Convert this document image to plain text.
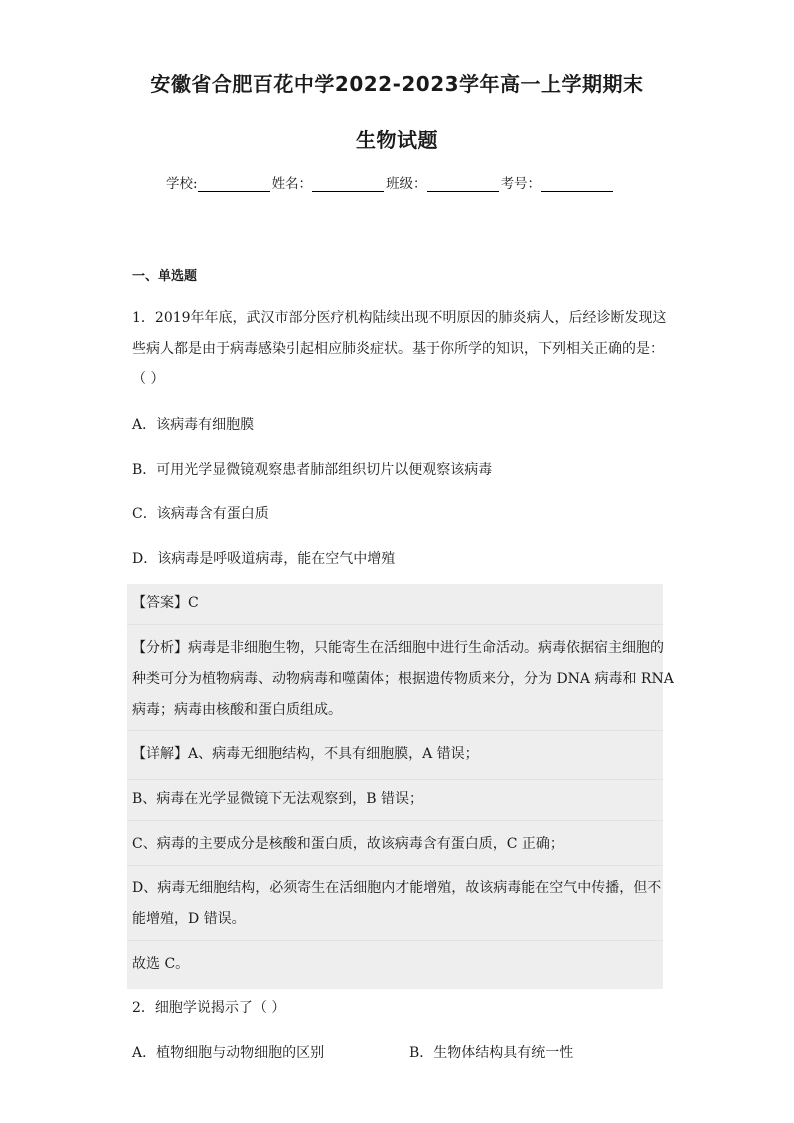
安徽省合肥百花中学2022-2023学年高一上学期期末
生物试题
学校:	姓名：	班级：	考号：
一、单选题
1．2019年年底，武汉市部分医疗机构陆续出现不明原因的肺炎病人，后经诊断发现这
些病人都是由于病毒感染引起相应肺炎症状。基于你所学的知识，下列相关正确的是：
（ ）
A．该病毒有细胞膜
B．可用光学显微镜观察患者肺部组织切片以便观察该病毒
C．该病毒含有蛋白质
D．该病毒是呼吸道病毒，能在空气中增殖
【答案】C
【分析】病毒是非细胞生物，只能寄生在活细胞中进行生命活动。病毒依据宿主细胞的
种类可分为植物病毒、动物病毒和噬菌体；根据遗传物质来分，分为 DNA 病毒和 RNA
病毒；病毒由核酸和蛋白质组成。
【详解】A、病毒无细胞结构，不具有细胞膜，A 错误；
B、病毒在光学显微镜下无法观察到，B 错误；
C、病毒的主要成分是核酸和蛋白质，故该病毒含有蛋白质，C 正确；
D、病毒无细胞结构，必须寄生在活细胞内才能增殖，故该病毒能在空气中传播，但不
能增殖，D 错误。
故选 C。
2．细胞学说揭示了（ ）
A．植物细胞与动物细胞的区别	B．生物体结构具有统一性
